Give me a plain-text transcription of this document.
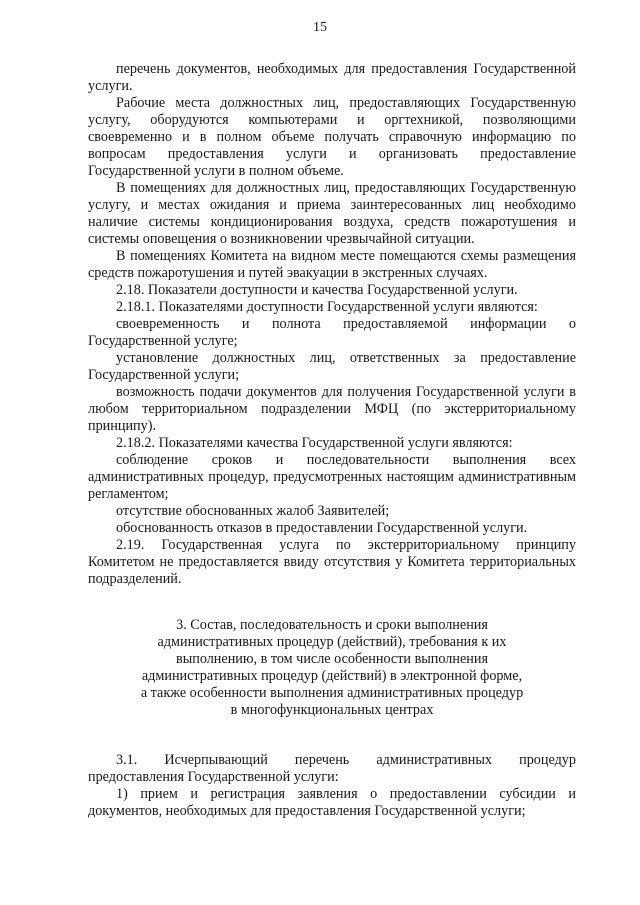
15

перечень документов, необходимых для предоставления Государственной услуги.

Рабочие места должностных лиц, предоставляющих Государственную услугу, оборудуются компьютерами и оргтехникой, позволяющими своевременно и в полном объеме получать справочную информацию по вопросам предоставления услуги и организовать предоставление Государственной услуги в полном объеме.

В помещениях для должностных лиц, предоставляющих Государственную услугу, и местах ожидания и приема заинтересованных лиц необходимо наличие системы кондиционирования воздуха, средств пожаротушения и системы оповещения о возникновении чрезвычайной ситуации.

В помещениях Комитета на видном месте помещаются схемы размещения средств пожаротушения и путей эвакуации в экстренных случаях.

2.18. Показатели доступности и качества Государственной услуги.

2.18.1. Показателями доступности Государственной услуги являются:

своевременность и полнота предоставляемой информации о Государственной услуге;

установление должностных лиц, ответственных за предоставление Государственной услуги;

возможность подачи документов для получения Государственной услуги в любом территориальном подразделении МФЦ (по экстерриториальному принципу).

2.18.2. Показателями качества Государственной услуги являются:

соблюдение сроков и последовательности выполнения всех административных процедур, предусмотренных настоящим административным регламентом;

отсутствие обоснованных жалоб Заявителей;

обоснованность отказов в предоставлении Государственной услуги.

2.19. Государственная услуга по экстерриториальному принципу Комитетом не предоставляется ввиду отсутствия у Комитета территориальных подразделений.

3. Состав, последовательность и сроки выполнения
административных процедур (действий), требования к их
выполнению, в том числе особенности выполнения
административных процедур (действий) в электронной форме,
а также особенности выполнения административных процедур
в многофункциональных центрах

3.1. Исчерпывающий перечень административных процедур предоставления Государственной услуги:

1) прием и регистрация заявления о предоставлении субсидии и документов, необходимых для предоставления Государственной услуги;
